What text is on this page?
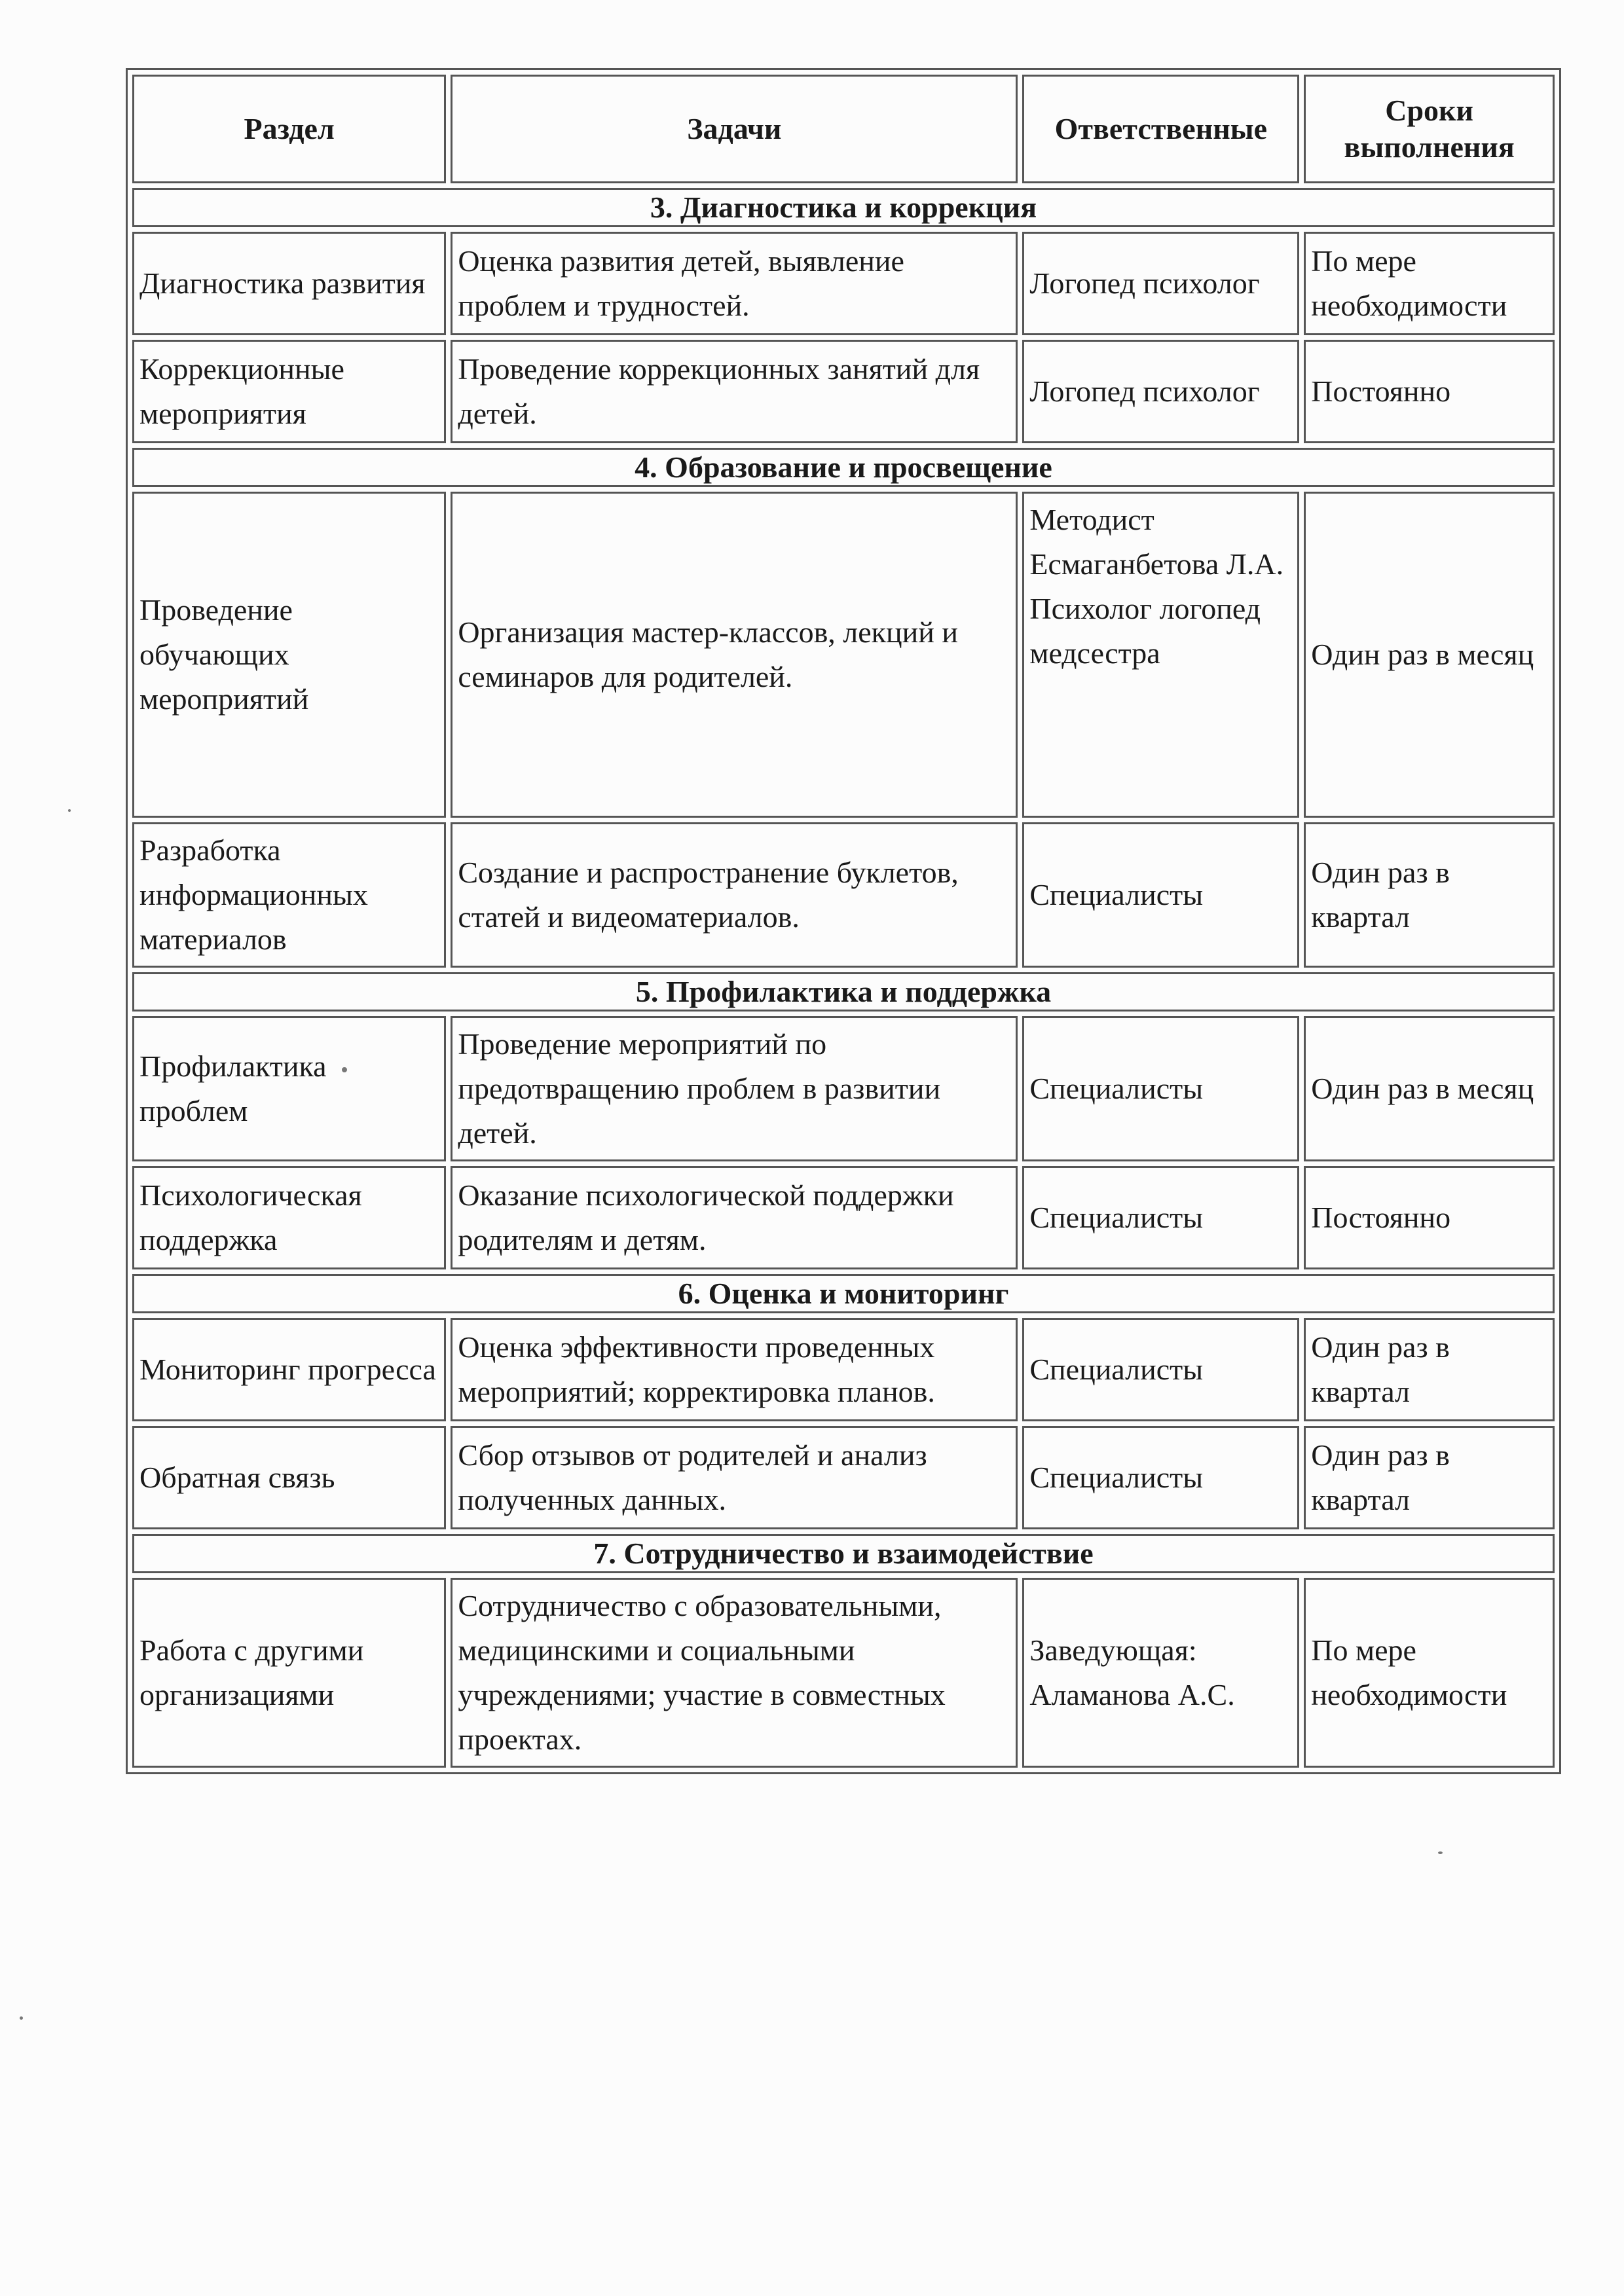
Раздел	Задачи	Ответственные	Сроки выполнения
3. Диагностика и коррекция			
Диагностика развития	Оценка развития детей, выявление проблем и трудностей.	Логопед психолог	По мере необходимости
Коррекционные мероприятия	Проведение коррекционных занятий для детей.	Логопед психолог	Постоянно
4. Образование и просвещение			
Проведение обучающих мероприятий	Организация мастер-классов, лекций и семинаров для родителей.	Методист Есмаганбетова Л.А. Психолог логопед медсестра	Один раз в месяц
Разработка информационных материалов	Создание и распространение буклетов, статей и видеоматериалов.	Специалисты	Один раз в квартал
5. Профилактика и поддержка			
Профилактика проблем	Проведение мероприятий по предотвращению проблем в развитии детей.	Специалисты	Один раз в месяц
Психологическая поддержка	Оказание психологической поддержки родителям и детям.	Специалисты	Постоянно
6. Оценка и мониторинг			
Мониторинг прогресса	Оценка эффективности проведенных мероприятий; корректировка планов.	Специалисты	Один раз в квартал
Обратная связь	Сбор отзывов от родителей и анализ полученных данных.	Специалисты	Один раз в квартал
7. Сотрудничество и взаимодействие			
Работа с другими организациями	Сотрудничество с образовательными, медицинскими и социальными учреждениями; участие в совместных проектах.	Заведующая: Аламанова А.С.	По мере необходимости
